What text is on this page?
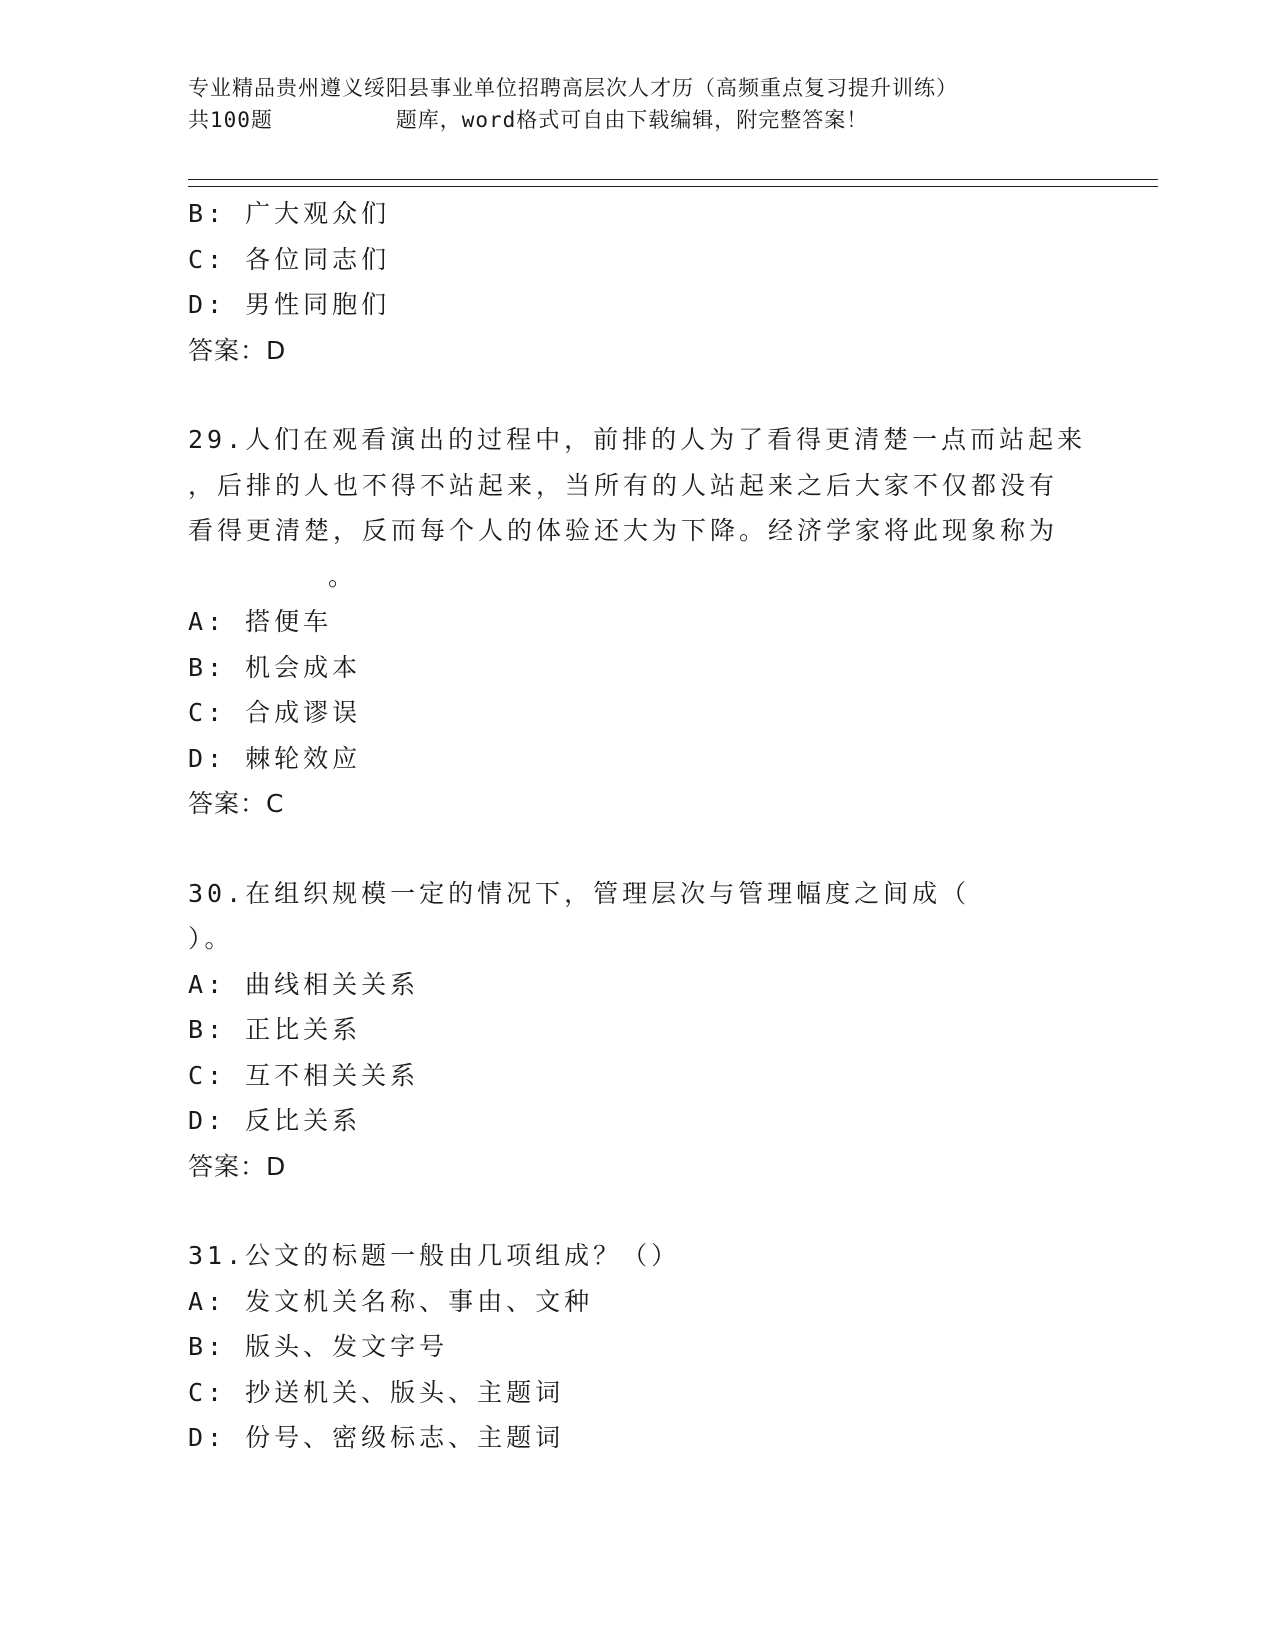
专业精品贵州遵义绥阳县事业单位招聘高层次人才历（高频重点复习提升训练）
共100题         题库，word格式可自由下载编辑，附完整答案！
B: 广大观众们
C: 各位同志们
D: 男性同胞们
答案：D
29.人们在观看演出的过程中，前排的人为了看得更清楚一点而站起来
，后排的人也不得不站起来，当所有的人站起来之后大家不仅都没有
看得更清楚，反而每个人的体验还大为下降。经济学家将此现象称为
。
A: 搭便车
B: 机会成本
C: 合成谬误
D: 棘轮效应
答案：C
30.在组织规模一定的情况下，管理层次与管理幅度之间成（
）。
A: 曲线相关关系
B: 正比关系
C: 互不相关关系
D: 反比关系
答案：D
31.公文的标题一般由几项组成？（）
A: 发文机关名称、事由、文种
B: 版头、发文字号
C: 抄送机关、版头、主题词
D: 份号、密级标志、主题词
